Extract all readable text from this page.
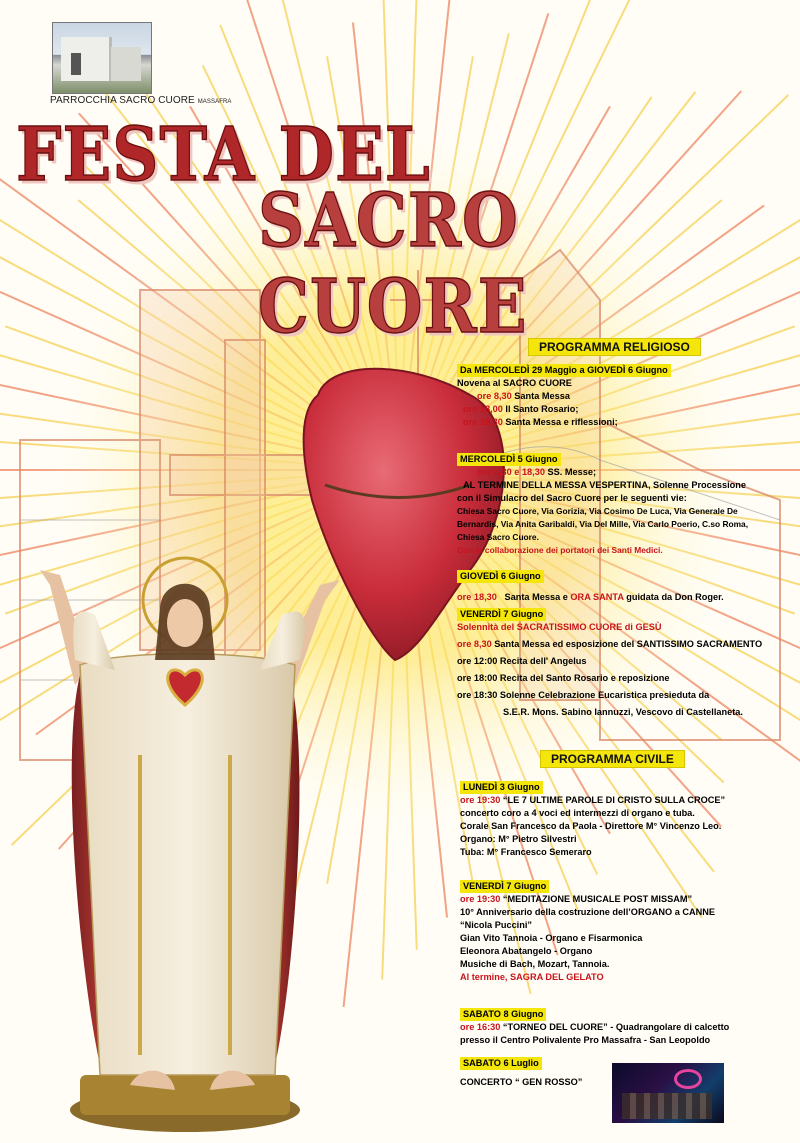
PARROCCHIA SACRO CUORE MASSAFRA
FESTA DEL
SACRO CUORE PROGRAMMA RELIGIOSO
Da MERCOLEDÌ 29 Maggio a GIOVEDÌ 6 Giugno
Novena al SACRO CUORE
ore 8,30 Santa Messa
ore 18,00 Il Santo Rosario;
ore 18,30 Santa Messa e riflessioni;
MERCOLEDÌ 5 Giugno
ore 8,30 e 18,30 SS. Messe;
AL TERMINE DELLA MESSA VESPERTINA, Solenne Processione
con il Simulacro del Sacro Cuore per le seguenti vie:
Chiesa Sacro Cuore, Via Gorizia, Via Cosimo De Luca, Via Generale De
Bernardis, Via Anita Garibaldi, Via Del Mille, Via Carlo Poerio, C.so Roma,
Chiesa Sacro Cuore.
Con la collaborazione dei portatori dei Santi Medici.
GIOVEDÌ 6 Giugno
ore 18,30 Santa Messa e ORA SANTA guidata da Don Roger.
VENERDÌ 7 Giugno
Solennità del SACRATISSIMO CUORE di GESÙ
ore 8,30 Santa Messa ed esposizione del SANTISSIMO SACRAMENTO
ore 12:00 Recita dell' Angelus
ore 18:00 Recita del Santo Rosario e reposizione
ore 18:30 Solenne Celebrazione Eucaristica presieduta da
S.E.R. Mons. Sabino Iannuzzi, Vescovo di Castellaneta.
PROGRAMMA CIVILE
LUNEDÌ 3 Giugno
ore 19:30 “LE 7 ULTIME PAROLE DI CRISTO SULLA CROCE”
concerto coro a 4 voci ed intermezzi di organo e tuba.
Corale San Francesco da Paola - Direttore M° Vincenzo Leo.
Organo: M° Pietro Silvestri
Tuba: M° Francesco Semeraro
VENERDÌ 7 Giugno
ore 19:30 “MEDITAZIONE MUSICALE POST MISSAM”
10° Anniversario della costruzione dell’ORGANO a CANNE
“Nicola Puccini”
Gian Vito Tannoia - Organo e Fisarmonica
Eleonora Abatangelo - Organo
Musiche di Bach, Mozart, Tannoia.
Al termine, SAGRA DEL GELATO
SABATO 8 Giugno
ore 16:30 “TORNEO DEL CUORE” - Quadrangolare di calcetto
presso il Centro Polivalente Pro Massafra - San Leopoldo
SABATO 6 Luglio
CONCERTO “ GEN ROSSO”
